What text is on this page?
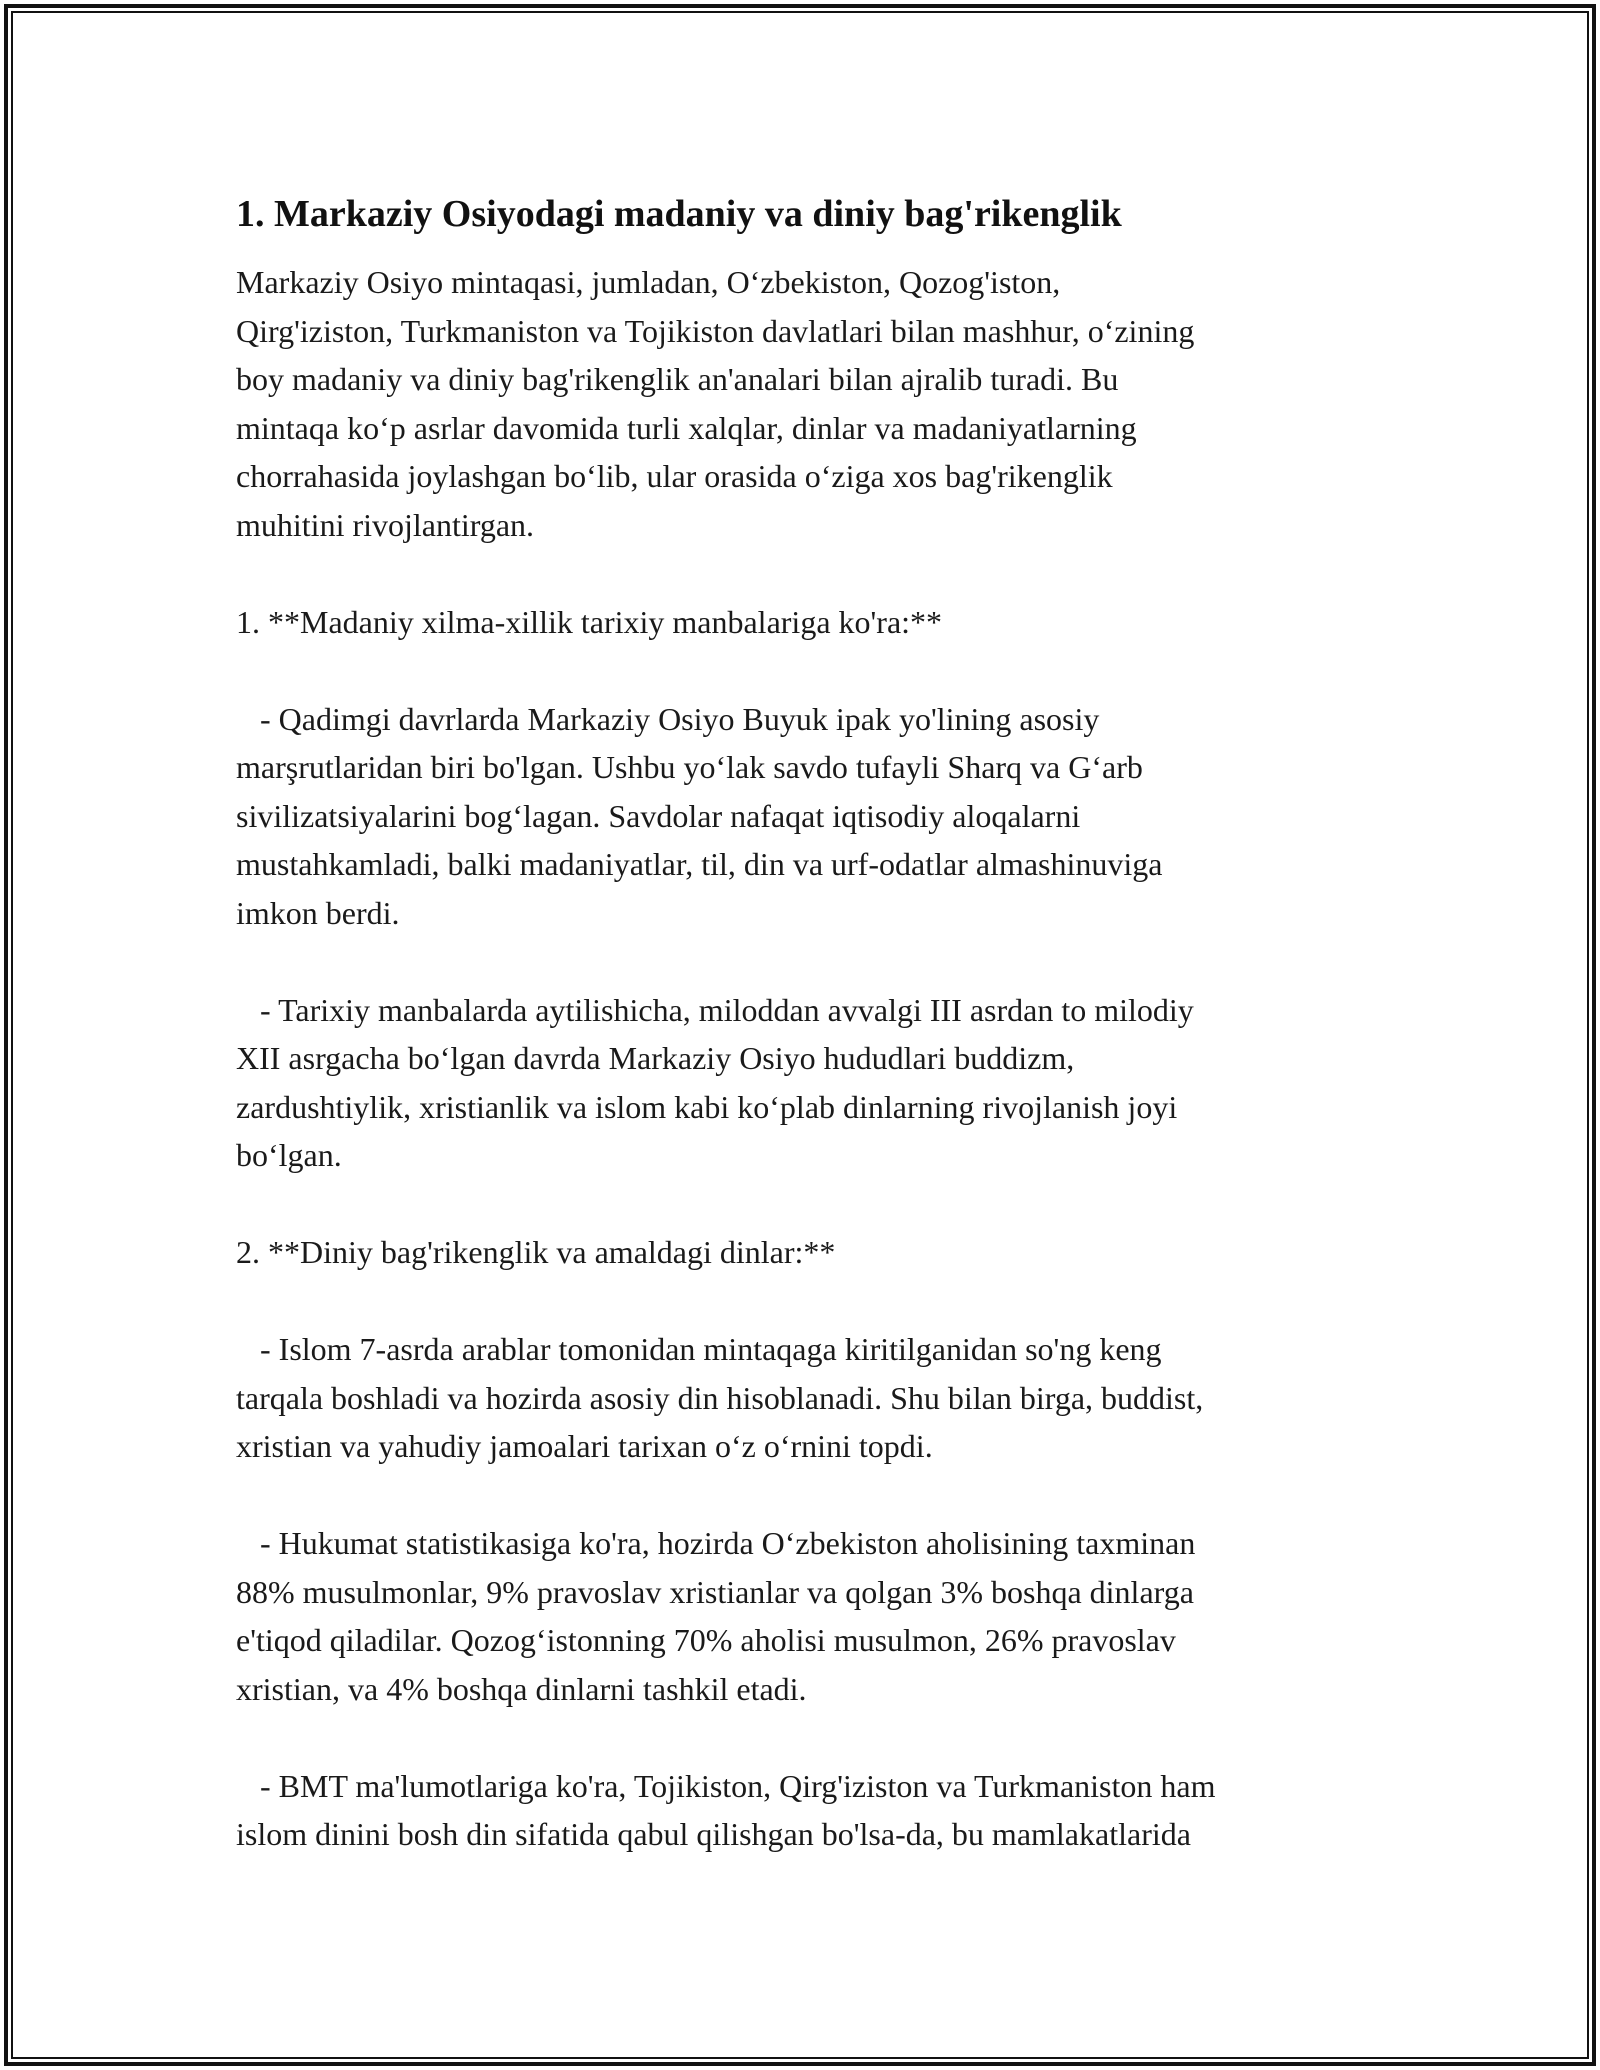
1. Markaziy Osiyodagi madaniy va diniy bag'rikenglik

Markaziy Osiyo mintaqasi, jumladan, O‘zbekiston, Qozog'iston,
Qirg'iziston, Turkmaniston va Tojikiston davlatlari bilan mashhur, o‘zining
boy madaniy va diniy bag'rikenglik an'analari bilan ajralib turadi. Bu
mintaqa ko‘p asrlar davomida turli xalqlar, dinlar va madaniyatlarning
chorrahasida joylashgan bo‘lib, ular orasida o‘ziga xos bag'rikenglik
muhitini rivojlantirgan.

1. **Madaniy xilma-xillik tarixiy manbalariga ko'ra:**

- Qadimgi davrlarda Markaziy Osiyo Buyuk ipak yo'lining asosiy
marşrutlaridan biri bo'lgan. Ushbu yo‘lak savdo tufayli Sharq va G‘arb
sivilizatsiyalarini bog‘lagan. Savdolar nafaqat iqtisodiy aloqalarni
mustahkamladi, balki madaniyatlar, til, din va urf-odatlar almashinuviga
imkon berdi.

- Tarixiy manbalarda aytilishicha, miloddan avvalgi III asrdan to milodiy
XII asrgacha bo‘lgan davrda Markaziy Osiyo hududlari buddizm,
zardushtiylik, xristianlik va islom kabi ko‘plab dinlarning rivojlanish joyi
bo‘lgan.

2. **Diniy bag'rikenglik va amaldagi dinlar:**

- Islom 7-asrda arablar tomonidan mintaqaga kiritilganidan so'ng keng
tarqala boshladi va hozirda asosiy din hisoblanadi. Shu bilan birga, buddist,
xristian va yahudiy jamoalari tarixan o‘z o‘rnini topdi.

- Hukumat statistikasiga ko'ra, hozirda O‘zbekiston aholisining taxminan
88% musulmonlar, 9% pravoslav xristianlar va qolgan 3% boshqa dinlarga
e'tiqod qiladilar. Qozog‘istonning 70% aholisi musulmon, 26% pravoslav
xristian, va 4% boshqa dinlarni tashkil etadi.

- BMT ma'lumotlariga ko'ra, Tojikiston, Qirg'iziston va Turkmaniston ham
islom dinini bosh din sifatida qabul qilishgan bo'lsa-da, bu mamlakatlarida
